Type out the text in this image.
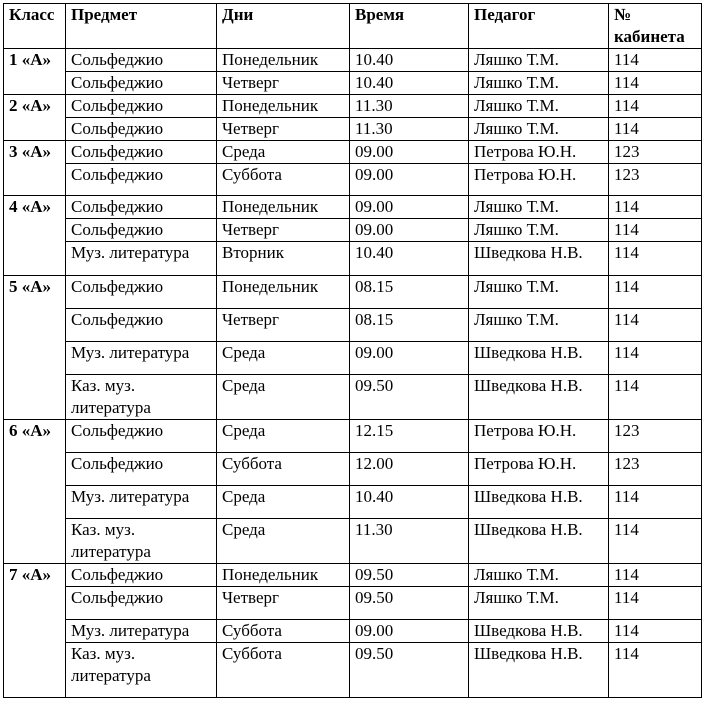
Класс	Предмет	Дни	Время	Педагог	№ кабинета
1 «А»	Сольфеджио	Понедельник	10.40	Ляшко Т.М.	114
	Сольфеджио	Четверг	10.40	Ляшко Т.М.	114
2 «А»	Сольфеджио	Понедельник	11.30	Ляшко Т.М.	114
	Сольфеджио	Четверг	11.30	Ляшко Т.М.	114
3 «А»	Сольфеджио	Среда	09.00	Петрова Ю.Н.	123
	Сольфеджио	Суббота	09.00	Петрова Ю.Н.	123
4 «А»	Сольфеджио	Понедельник	09.00	Ляшко Т.М.	114
	Сольфеджио	Четверг	09.00	Ляшко Т.М.	114
	Муз. литература	Вторник	10.40	Шведкова Н.В.	114
5 «А»	Сольфеджио	Понедельник	08.15	Ляшко Т.М.	114
	Сольфеджио	Четверг	08.15	Ляшко Т.М.	114
	Муз. литература	Среда	09.00	Шведкова Н.В.	114
	Каз. муз. литература	Среда	09.50	Шведкова Н.В.	114
6 «А»	Сольфеджио	Среда	12.15	Петрова Ю.Н.	123
	Сольфеджио	Суббота	12.00	Петрова Ю.Н.	123
	Муз. литература	Среда	10.40	Шведкова Н.В.	114
	Каз. муз. литература	Среда	11.30	Шведкова Н.В.	114
7 «А»	Сольфеджио	Понедельник	09.50	Ляшко Т.М.	114
	Сольфеджио	Четверг	09.50	Ляшко Т.М.	114
	Муз. литература	Суббота	09.00	Шведкова Н.В.	114
	Каз. муз. литература	Суббота	09.50	Шведкова Н.В.	114
